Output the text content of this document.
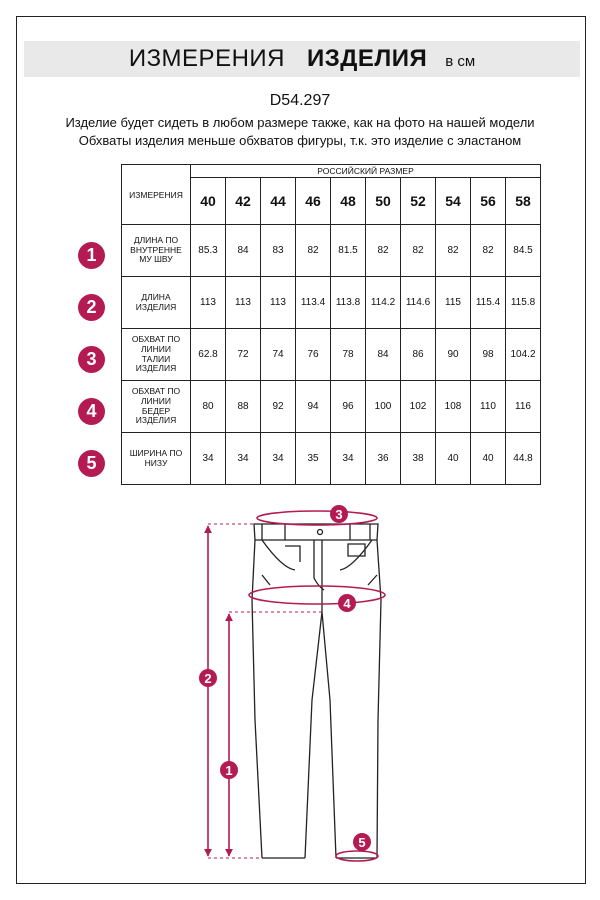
ИЗМЕРЕНИЯ ИЗДЕЛИЯ в см
D54.297
Изделие будет сидеть в любом размере также, как на фото на нашей модели
Обхваты изделия меньше обхватов фигуры, т.к. это изделие с эластаном
ИЗМЕРЕНИЯ	РОССИЙСКИЙ РАЗМЕР									
	40	42	44	46	48	50	52	54	56	58
ДЛИНА ПО
ВНУТРЕННЕ
МУ ШВУ	85.3	84	83	82	81.5	82	82	82	82	84.5
ДЛИНА
ИЗДЕЛИЯ	113	113	113	113.4	113.8	114.2	114.6	115	115.4	115.8
ОБХВАТ ПО
ЛИНИИ
ТАЛИИ
ИЗДЕЛИЯ	62.8	72	74	76	78	84	86	90	98	104.2
ОБХВАТ ПО
ЛИНИИ
БЕДЕР
ИЗДЕЛИЯ	80	88	92	94	96	100	102	108	110	116
ШИРИНА ПО
НИЗУ	34	34	34	35	34	36	38	40	40	44.8
1
2
3
4
5
3
4
2
1
5
